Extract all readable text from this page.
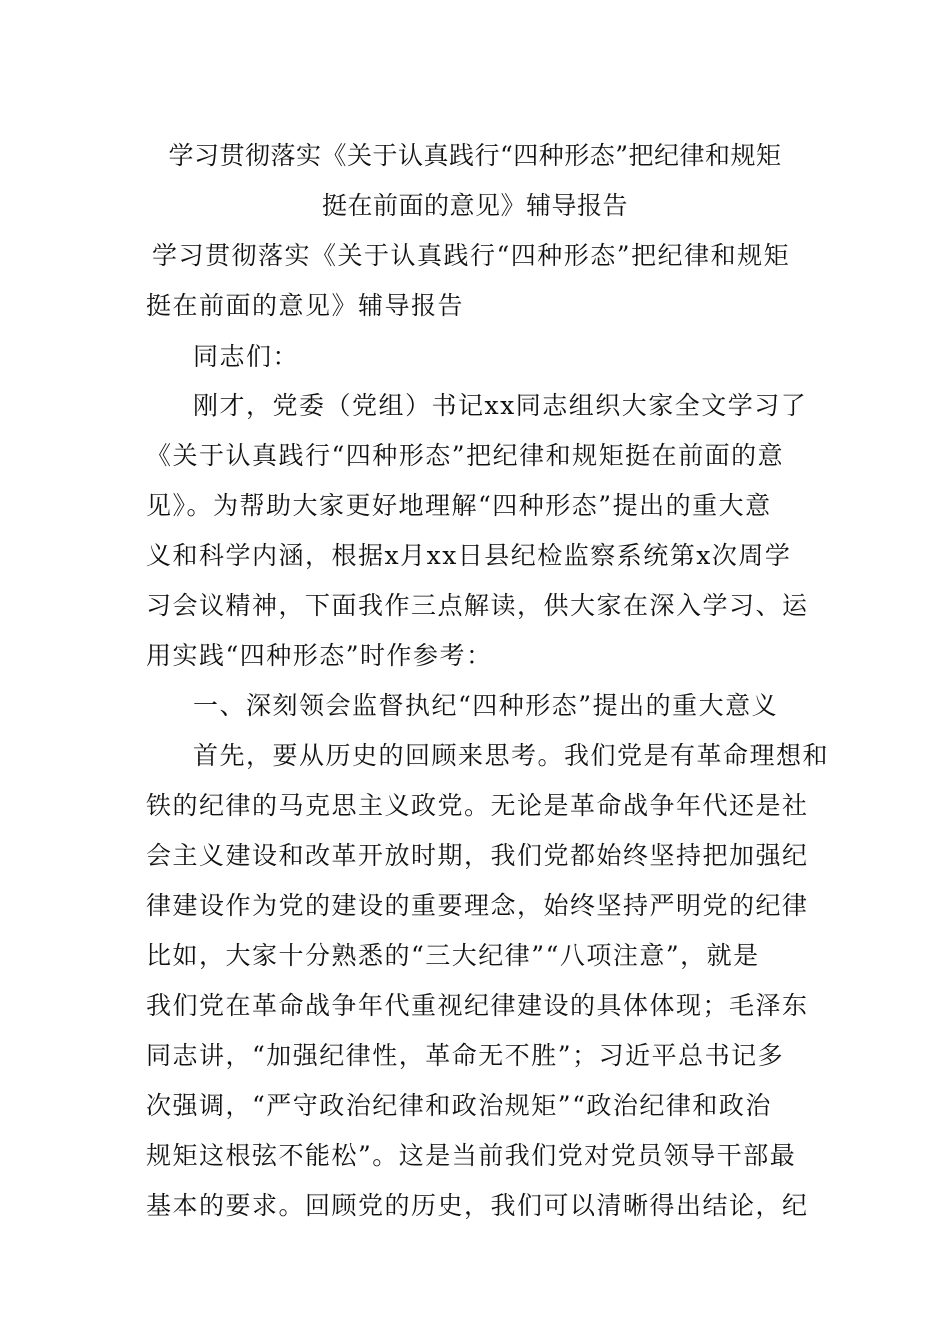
学习贯彻落实《关于认真践行“四种形态”把纪律和规矩
挺在前面的意见》辅导报告
学习贯彻落实《关于认真践行“四种形态”把纪律和规矩
挺在前面的意见》辅导报告
同志们：
刚才，党委（党组）书记xx同志组织大家全文学习了
《关于认真践行“四种形态”把纪律和规矩挺在前面的意
见》。为帮助大家更好地理解“四种形态”提出的重大意
义和科学内涵，根据x月xx日县纪检监察系统第x次周学
习会议精神，下面我作三点解读，供大家在深入学习、运
用实践“四种形态”时作参考：
一、深刻领会监督执纪“四种形态”提出的重大意义
首先，要从历史的回顾来思考。我们党是有革命理想和
铁的纪律的马克思主义政党。无论是革命战争年代还是社
会主义建设和改革开放时期，我们党都始终坚持把加强纪
律建设作为党的建设的重要理念，始终坚持严明党的纪律
比如，大家十分熟悉的“三大纪律”“八项注意”，就是
我们党在革命战争年代重视纪律建设的具体体现；毛泽东
同志讲，“加强纪律性，革命无不胜”；习近平总书记多
次强调，“严守政治纪律和政治规矩”“政治纪律和政治
规矩这根弦不能松”。这是当前我们党对党员领导干部最
基本的要求。回顾党的历史，我们可以清晰得出结论，纪
